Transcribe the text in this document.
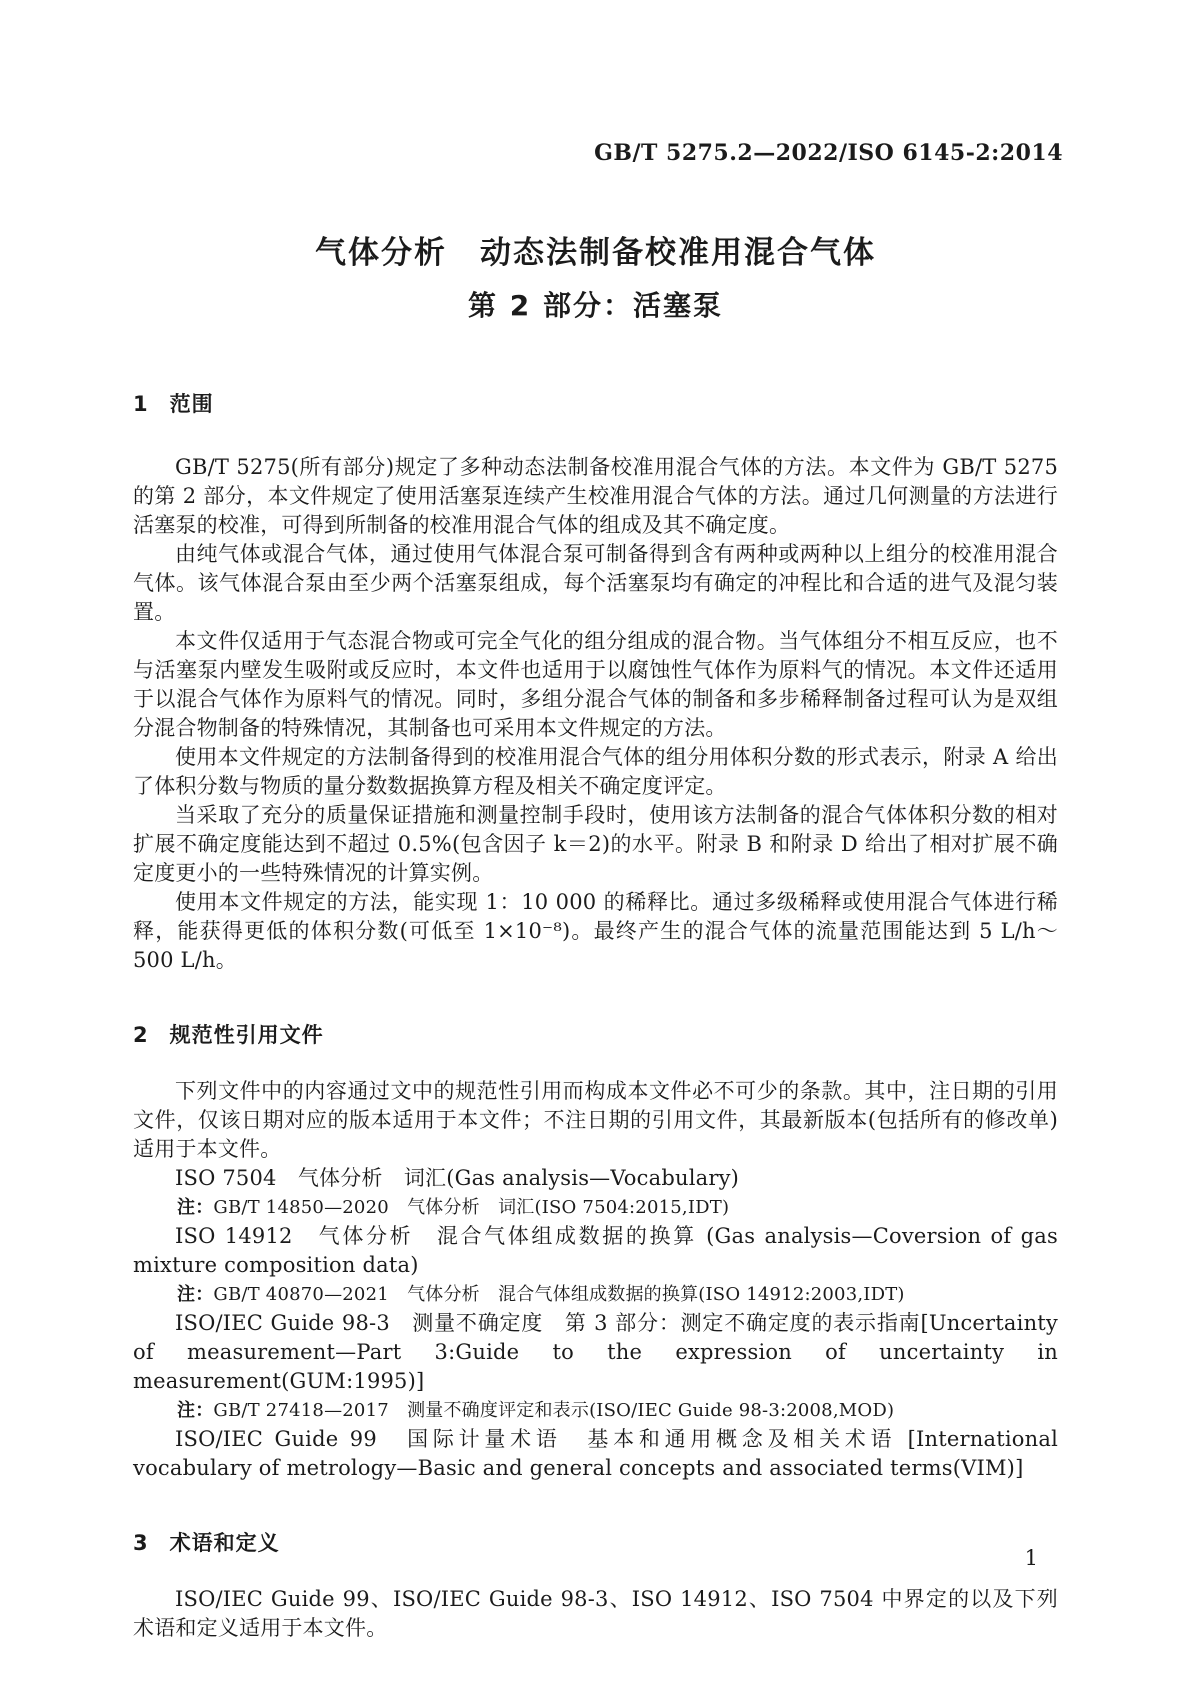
GB/T 5275.2—2022/ISO 6145-2:2014
气体分析　动态法制备校准用混合气体
第 2 部分：活塞泵
1 范围

GB/T 5275(所有部分)规定了多种动态法制备校准用混合气体的方法。本文件为 GB/T 5275 的第 2 部分，本文件规定了使用活塞泵连续产生校准用混合气体的方法。通过几何测量的方法进行活塞泵的校准，可得到所制备的校准用混合气体的组成及其不确定度。

由纯气体或混合气体，通过使用气体混合泵可制备得到含有两种或两种以上组分的校准用混合气体。该气体混合泵由至少两个活塞泵组成，每个活塞泵均有确定的冲程比和合适的进气及混匀装置。

本文件仅适用于气态混合物或可完全气化的组分组成的混合物。当气体组分不相互反应，也不与活塞泵内壁发生吸附或反应时，本文件也适用于以腐蚀性气体作为原料气的情况。本文件还适用于以混合气体作为原料气的情况。同时，多组分混合气体的制备和多步稀释制备过程可认为是双组分混合物制备的特殊情况，其制备也可采用本文件规定的方法。

使用本文件规定的方法制备得到的校准用混合气体的组分用体积分数的形式表示，附录 A 给出了体积分数与物质的量分数数据换算方程及相关不确定度评定。

当采取了充分的质量保证措施和测量控制手段时，使用该方法制备的混合气体体积分数的相对扩展不确定度能达到不超过 0.5%(包含因子 k＝2)的水平。附录 B 和附录 D 给出了相对扩展不确定度更小的一些特殊情况的计算实例。

使用本文件规定的方法，能实现 1：10 000 的稀释比。通过多级稀释或使用混合气体进行稀释，能获得更低的体积分数(可低至 1×10⁻⁸)。最终产生的混合气体的流量范围能达到 5 L/h～500 L/h。

2 规范性引用文件

下列文件中的内容通过文中的规范性引用而构成本文件必不可少的条款。其中，注日期的引用文件，仅该日期对应的版本适用于本文件；不注日期的引用文件，其最新版本(包括所有的修改单)适用于本文件。

ISO 7504　气体分析　词汇(Gas analysis—Vocabulary)

注：GB/T 14850—2020　气体分析　词汇(ISO 7504:2015,IDT)

ISO 14912　气体分析　混合气体组成数据的换算 (Gas analysis—Coversion of gas mixture composition data)

注：GB/T 40870—2021　气体分析　混合气体组成数据的换算(ISO 14912:2003,IDT)

ISO/IEC Guide 98-3　测量不确定度　第 3 部分：测定不确定度的表示指南[Uncertainty of measurement—Part 3:Guide to the expression of uncertainty in measurement(GUM:1995)]

注：GB/T 27418—2017　测量不确度评定和表示(ISO/IEC Guide 98-3:2008,MOD)

ISO/IEC Guide 99　国际计量术语　基本和通用概念及相关术语 [International vocabulary of metrology—Basic and general concepts and associated terms(VIM)]

3 术语和定义

ISO/IEC Guide 99、ISO/IEC Guide 98-3、ISO 14912、ISO 7504 中界定的以及下列术语和定义适用于本文件。

1
